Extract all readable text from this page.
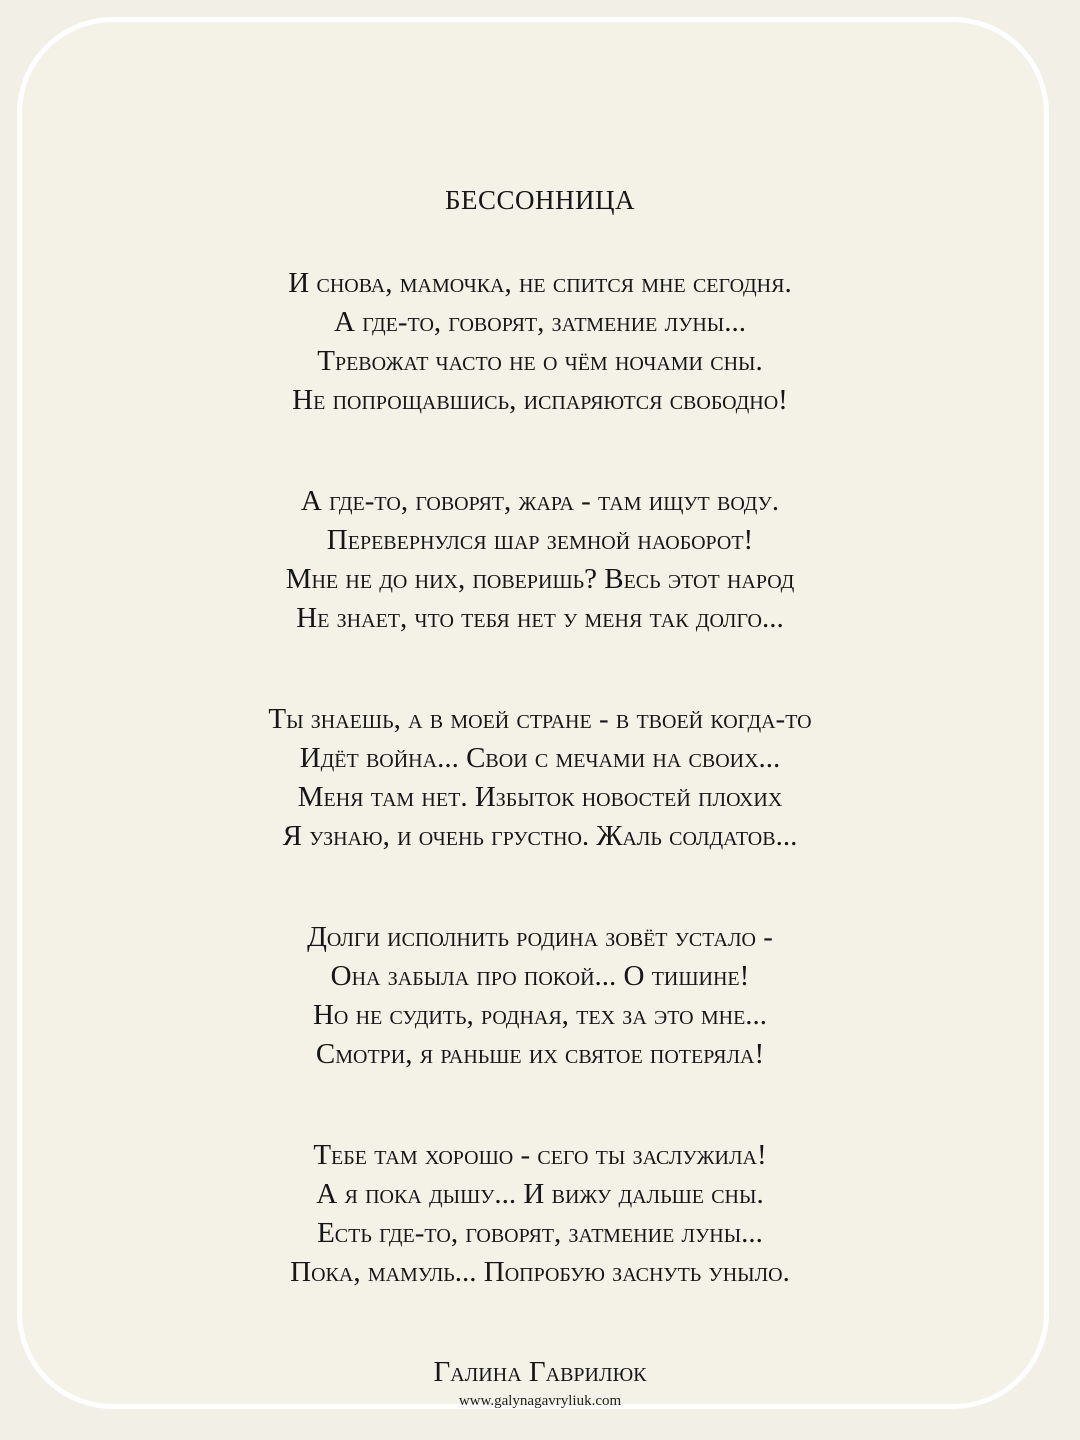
БЕССОННИЦА
И снова, мамочка, не спится мне сегодня.
А где-то, говорят, затмение луны...
Тревожат часто не о чём ночами сны.
Не попрощавшись, испаряются свободно!
А где-то, говорят, жара - там ищут воду.
Перевернулся шар земной наоборот!
Мне не до них, поверишь? Весь этот народ
Не знает, что тебя нет у меня так долго...
Ты знаешь, а в моей стране - в твоей когда-то
Идёт война... Свои с мечами на своих...
Меня там нет. Избыток новостей плохих
Я узнаю, и очень грустно. Жаль солдатов...
Долги исполнить родина зовёт устало -
Она забыла про покой... О тишине!
Но не судить, родная, тех за это мне...
Смотри, я раньше их святое потеряла!
Тебе там хорошо - сего ты заслужила!
А я пока дышу... И вижу дальше сны.
Есть где-то, говорят, затмение луны...
Пока, мамуль... Попробую заснуть уныло.
Галина Гаврилюк
www.galynagavryliuk.com
